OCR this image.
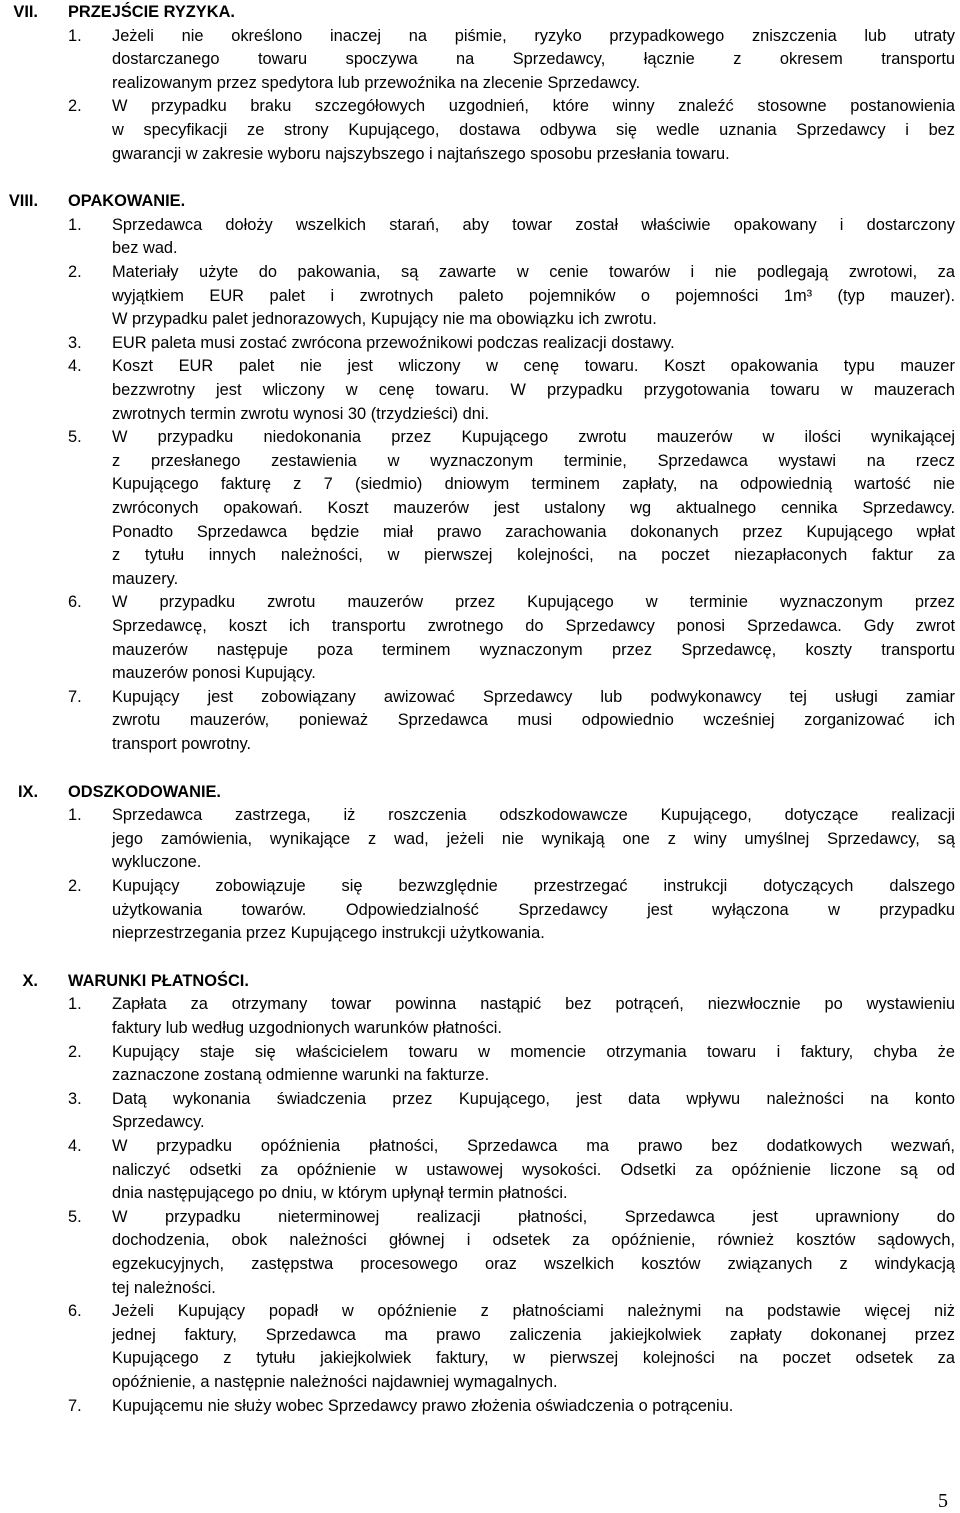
VII. PRZEJŚCIE RYZYKA.
1. Jeżeli nie określono inaczej na piśmie, ryzyko przypadkowego zniszczenia lub utraty
dostarczanego towaru spoczywa na Sprzedawcy, łącznie z okresem transportu
realizowanym przez spedytora lub przewoźnika na zlecenie Sprzedawcy.
2. W przypadku braku szczegółowych uzgodnień, które winny znaleźć stosowne postanowienia
w specyfikacji ze strony Kupującego, dostawa odbywa się wedle uznania Sprzedawcy i bez
gwarancji w zakresie wyboru najszybszego i najtańszego sposobu przesłania towaru.
VIII. OPAKOWANIE.
1. Sprzedawca dołoży wszelkich starań, aby towar został właściwie opakowany i dostarczony
bez wad.
2. Materiały użyte do pakowania, są zawarte w cenie towarów i nie podlegają zwrotowi, za
wyjątkiem EUR palet i zwrotnych paleto pojemników o pojemności 1m³ (typ mauzer).
W przypadku palet jednorazowych, Kupujący nie ma obowiązku ich zwrotu.
3. EUR paleta musi zostać zwrócona przewoźnikowi podczas realizacji dostawy.
4. Koszt EUR palet nie jest wliczony w cenę towaru. Koszt opakowania typu mauzer
bezzwrotny jest wliczony w cenę towaru. W przypadku przygotowania towaru w mauzerach
zwrotnych termin zwrotu wynosi 30 (trzydzieści) dni.
5. W przypadku niedokonania przez Kupującego zwrotu mauzerów w ilości wynikającej
z przesłanego zestawienia w wyznaczonym terminie, Sprzedawca wystawi na rzecz
Kupującego fakturę z 7 (siedmio) dniowym terminem zapłaty, na odpowiednią wartość nie
zwróconych opakowań. Koszt mauzerów jest ustalony wg aktualnego cennika Sprzedawcy.
Ponadto Sprzedawca będzie miał prawo zarachowania dokonanych przez Kupującego wpłat
z tytułu innych należności, w pierwszej kolejności, na poczet niezapłaconych faktur za
mauzery.
6. W przypadku zwrotu mauzerów przez Kupującego w terminie wyznaczonym przez
Sprzedawcę, koszt ich transportu zwrotnego do Sprzedawcy ponosi Sprzedawca. Gdy zwrot
mauzerów następuje poza terminem wyznaczonym przez Sprzedawcę, koszty transportu
mauzerów ponosi Kupujący.
7. Kupujący jest zobowiązany awizować Sprzedawcy lub podwykonawcy tej usługi zamiar
zwrotu mauzerów, ponieważ Sprzedawca musi odpowiednio wcześniej zorganizować ich
transport powrotny.
IX. ODSZKODOWANIE.
1. Sprzedawca zastrzega, iż roszczenia odszkodowawcze Kupującego, dotyczące realizacji
jego zamówienia, wynikające z wad, jeżeli nie wynikają one z winy umyślnej Sprzedawcy, są
wykluczone.
2. Kupujący zobowiązuje się bezwzględnie przestrzegać instrukcji dotyczących dalszego
użytkowania towarów. Odpowiedzialność Sprzedawcy jest wyłączona w przypadku
nieprzestrzegania przez Kupującego instrukcji użytkowania.
X. WARUNKI PŁATNOŚCI.
1. Zapłata za otrzymany towar powinna nastąpić bez potrąceń, niezwłocznie po wystawieniu
faktury lub według uzgodnionych warunków płatności.
2. Kupujący staje się właścicielem towaru w momencie otrzymania towaru i faktury, chyba że
zaznaczone zostaną odmienne warunki na fakturze.
3. Datą wykonania świadczenia przez Kupującego, jest data wpływu należności na konto
Sprzedawcy.
4. W przypadku opóźnienia płatności, Sprzedawca ma prawo bez dodatkowych wezwań,
naliczyć odsetki za opóźnienie w ustawowej wysokości. Odsetki za opóźnienie liczone są od
dnia następującego po dniu, w którym upłynął termin płatności.
5. W przypadku nieterminowej realizacji płatności, Sprzedawca jest uprawniony do
dochodzenia, obok należności głównej i odsetek za opóźnienie, również kosztów sądowych,
egzekucyjnych, zastępstwa procesowego oraz wszelkich kosztów związanych z windykacją
tej należności.
6. Jeżeli Kupujący popadł w opóźnienie z płatnościami należnymi na podstawie więcej niż
jednej faktury, Sprzedawca ma prawo zaliczenia jakiejkolwiek zapłaty dokonanej przez
Kupującego z tytułu jakiejkolwiek faktury, w pierwszej kolejności na poczet odsetek za
opóźnienie, a następnie należności najdawniej wymagalnych.
7. Kupującemu nie służy wobec Sprzedawcy prawo złożenia oświadczenia o potrąceniu.
5
